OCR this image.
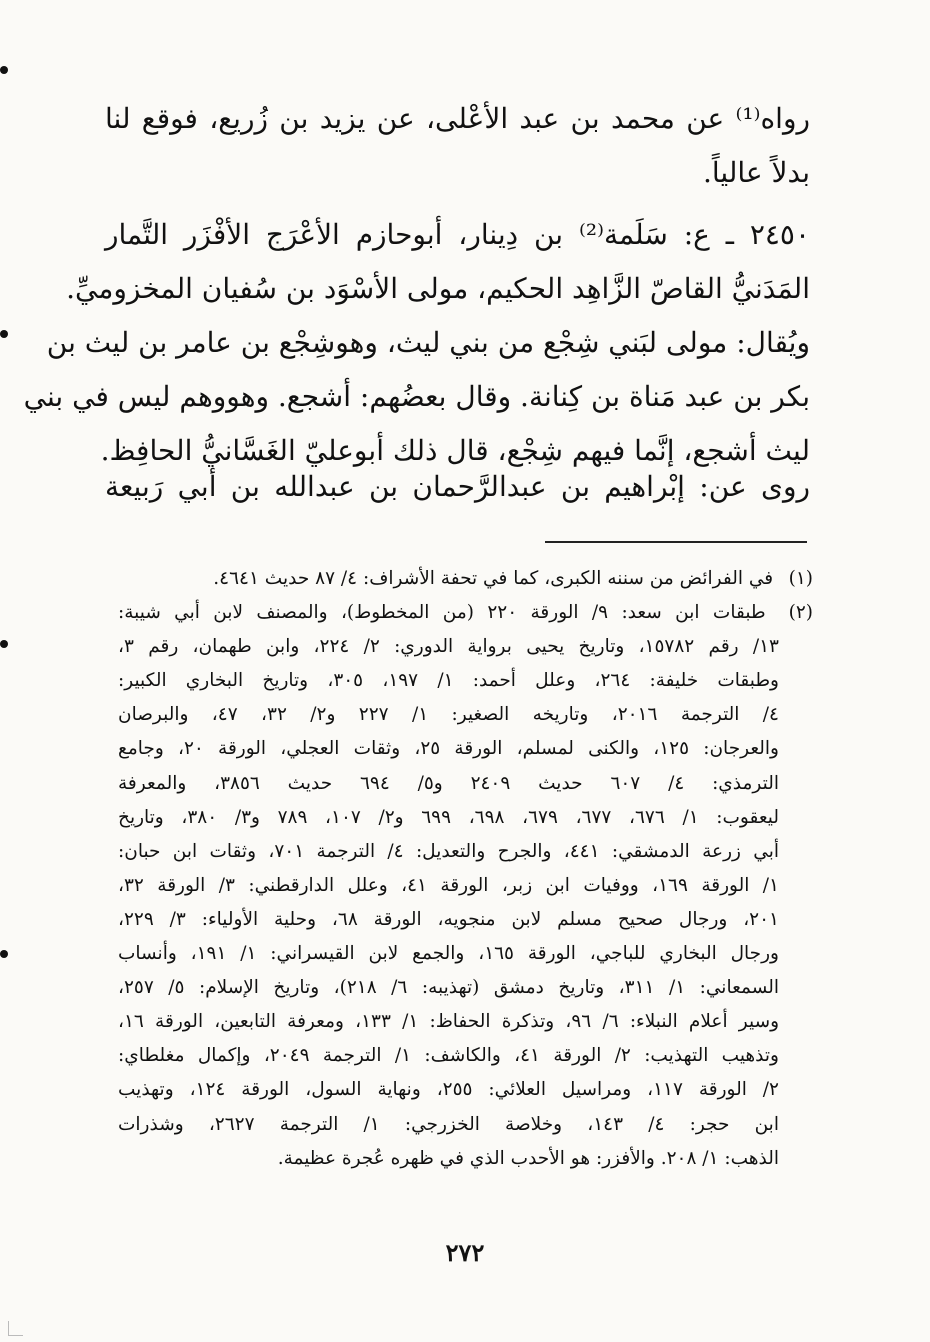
رواه⁽¹⁾ عن محمد بن عبد الأعْلى، عن يزيد بن زُريع، فوقع لنا
بدلاً عالياً.
٢٤٥٠ ـ ع: سَلَمة⁽²⁾ بن دِينار، أبوحازم الأعْرَج الأفْزَر التَّمار
المَدَنيُّ القاصّ الزَّاهِد الحكيم، مولى الأسْوَد بن سُفيان المخزوميِّ.
ويُقال: مولى لبَني شِجْع من بني ليث، وهوشِجْع بن عامر بن ليث بن
بكر بن عبد مَناة بن كِنانة. وقال بعضُهم: أشجع. وهووهم ليس في بني
ليث أشجع، إنَّما فيهم شِجْع، قال ذلك أبوعليّ الغَسَّانيُّ الحافِظ.
روى عن: إبْراهيم بن عبدالرَّحمان بن عبدالله بن أبي رَبيعة
(١) في الفرائض من سننه الكبرى، كما في تحفة الأشراف: ٤/ ٨٧ حديث ٤٦٤١.
(٢) طبقات ابن سعد: ٩/ الورقة ٢٢٠ (من المخطوط)، والمصنف لابن أبي شيبة:
١٣/ رقم ١٥٧٨٢، وتاريخ يحيى برواية الدوري: ٢/ ٢٢٤، وابن طهمان، رقم ٣،
وطبقات خليفة: ٢٦٤، وعلل أحمد: ١/ ١٩٧، ٣٠٥، وتاريخ البخاري الكبير:
٤/ الترجمة ٢٠١٦، وتاريخه الصغير: ١/ ٢٢٧ و٢/ ٣٢، ٤٧، والبرصان
والعرجان: ١٢٥، والكنى لمسلم، الورقة ٢٥، وثقات العجلي، الورقة ٢٠، وجامع
الترمذي: ٤/ ٦٠٧ حديث ٢٤٠٩ و٥/ ٦٩٤ حديث ٣٨٥٦، والمعرفة
ليعقوب: ١/ ٦٧٦، ٦٧٧، ٦٧٩، ٦٩٨، ٦٩٩ و٢/ ١٠٧، ٧٨٩ و٣/ ٣٨٠، وتاريخ
أبي زرعة الدمشقي: ٤٤١، والجرح والتعديل: ٤/ الترجمة ٧٠١، وثقات ابن حبان:
١/ الورقة ١٦٩، ووفيات ابن زبر، الورقة ٤١، وعلل الدارقطني: ٣/ الورقة ٣٢،
٢٠١، ورجال صحيح مسلم لابن منجويه، الورقة ٦٨، وحلية الأولياء: ٣/ ٢٢٩،
ورجال البخاري للباجي، الورقة ١٦٥، والجمع لابن القيسراني: ١/ ١٩١، وأنساب
السمعاني: ١/ ٣١١، وتاريخ دمشق (تهذيبه: ٦/ ٢١٨)، وتاريخ الإسلام: ٥/ ٢٥٧،
وسير أعلام النبلاء: ٦/ ٩٦، وتذكرة الحفاظ: ١/ ١٣٣، ومعرفة التابعين، الورقة ١٦،
وتذهيب التهذيب: ٢/ الورقة ٤١، والكاشف: ١/ الترجمة ٢٠٤٩، وإكمال مغلطاي:
٢/ الورقة ١١٧، ومراسيل العلائي: ٢٥٥، ونهاية السول، الورقة ١٢٤، وتهذيب
ابن حجر: ٤/ ١٤٣، وخلاصة الخزرجي: ١/ الترجمة ٢٦٢٧، وشذرات
الذهب: ١/ ٢٠٨. والأفزر: هو الأحدب الذي في ظهره عُجرة عظيمة.
٢٧٢
